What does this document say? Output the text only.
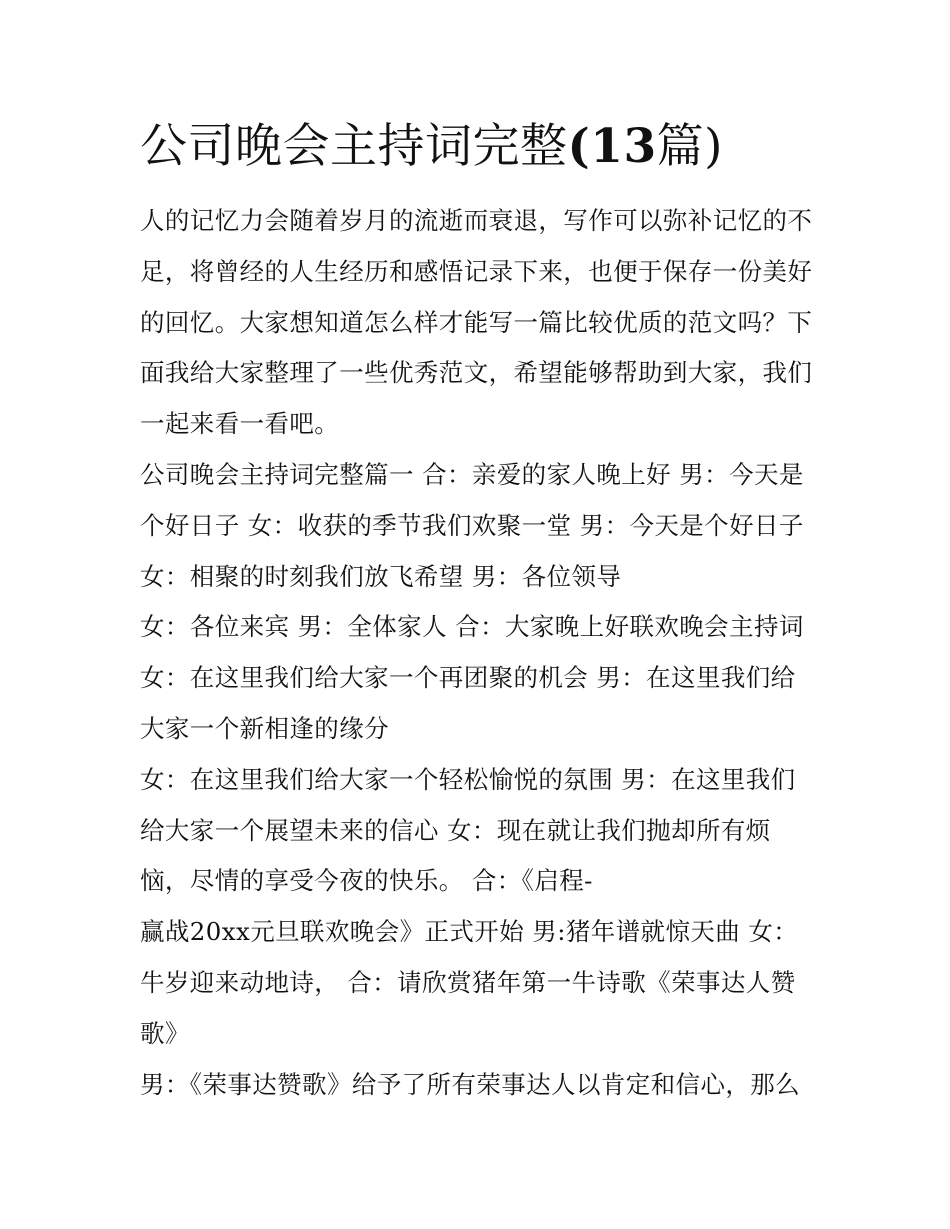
公司晚会主持词完整(13篇)
人的记忆力会随着岁月的流逝而衰退，写作可以弥补记忆的不
足，将曾经的人生经历和感悟记录下来，也便于保存一份美好
的回忆。大家想知道怎么样才能写一篇比较优质的范文吗？下
面我给大家整理了一些优秀范文，希望能够帮助到大家，我们
一起来看一看吧。
公司晚会主持词完整篇一 合：亲爱的家人晚上好 男：今天是
个好日子 女：收获的季节我们欢聚一堂 男：今天是个好日子
女：相聚的时刻我们放飞希望 男：各位领导
女：各位来宾 男：全体家人 合：大家晚上好联欢晚会主持词
女：在这里我们给大家一个再团聚的机会 男：在这里我们给
大家一个新相逢的缘分
女：在这里我们给大家一个轻松愉悦的氛围 男：在这里我们
给大家一个展望未来的信心 女：现在就让我们抛却所有烦
恼，尽情的享受今夜的快乐。 合：《启程-
赢战20xx元旦联欢晚会》正式开始 男:猪年谱就惊天曲 女：
牛岁迎来动地诗， 合：请欣赏猪年第一牛诗歌《荣事达人赞
歌》
男：《荣事达赞歌》给予了所有荣事达人以肯定和信心，那么
